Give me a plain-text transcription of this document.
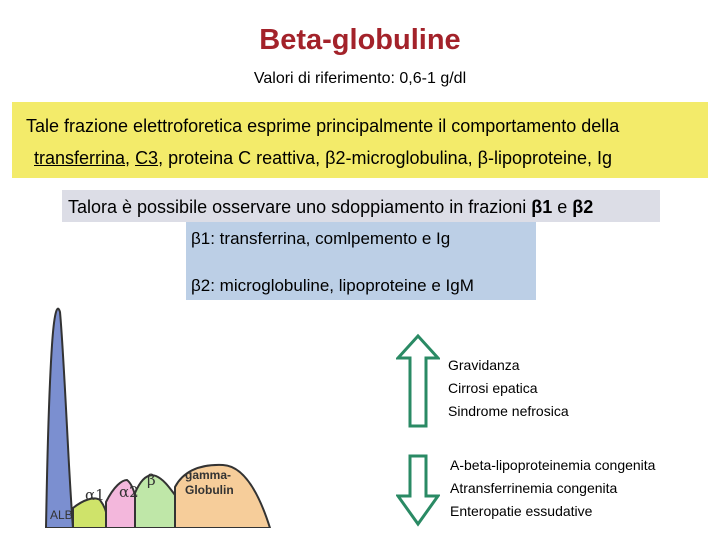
Beta-globuline
Valori di riferimento: 0,6-1 g/dl
Tale frazione elettroforetica esprime principalmente il comportamento della
transferrina, C3, proteina C reattiva, β2-microglobulina, β-lipoproteine, Ig
Talora è possibile osservare uno sdoppiamento in frazioni β1 e β2
β1: transferrina, comlpemento e Ig
β2: microglobuline, lipoproteine e IgM
ALB
α1 α2
β gamma-
Globulin
Gravidanza
Cirrosi epatica
Sindrome nefrosica
A-beta-lipoproteinemia congenita
Atransferrinemia congenita
Enteropatie essudative
